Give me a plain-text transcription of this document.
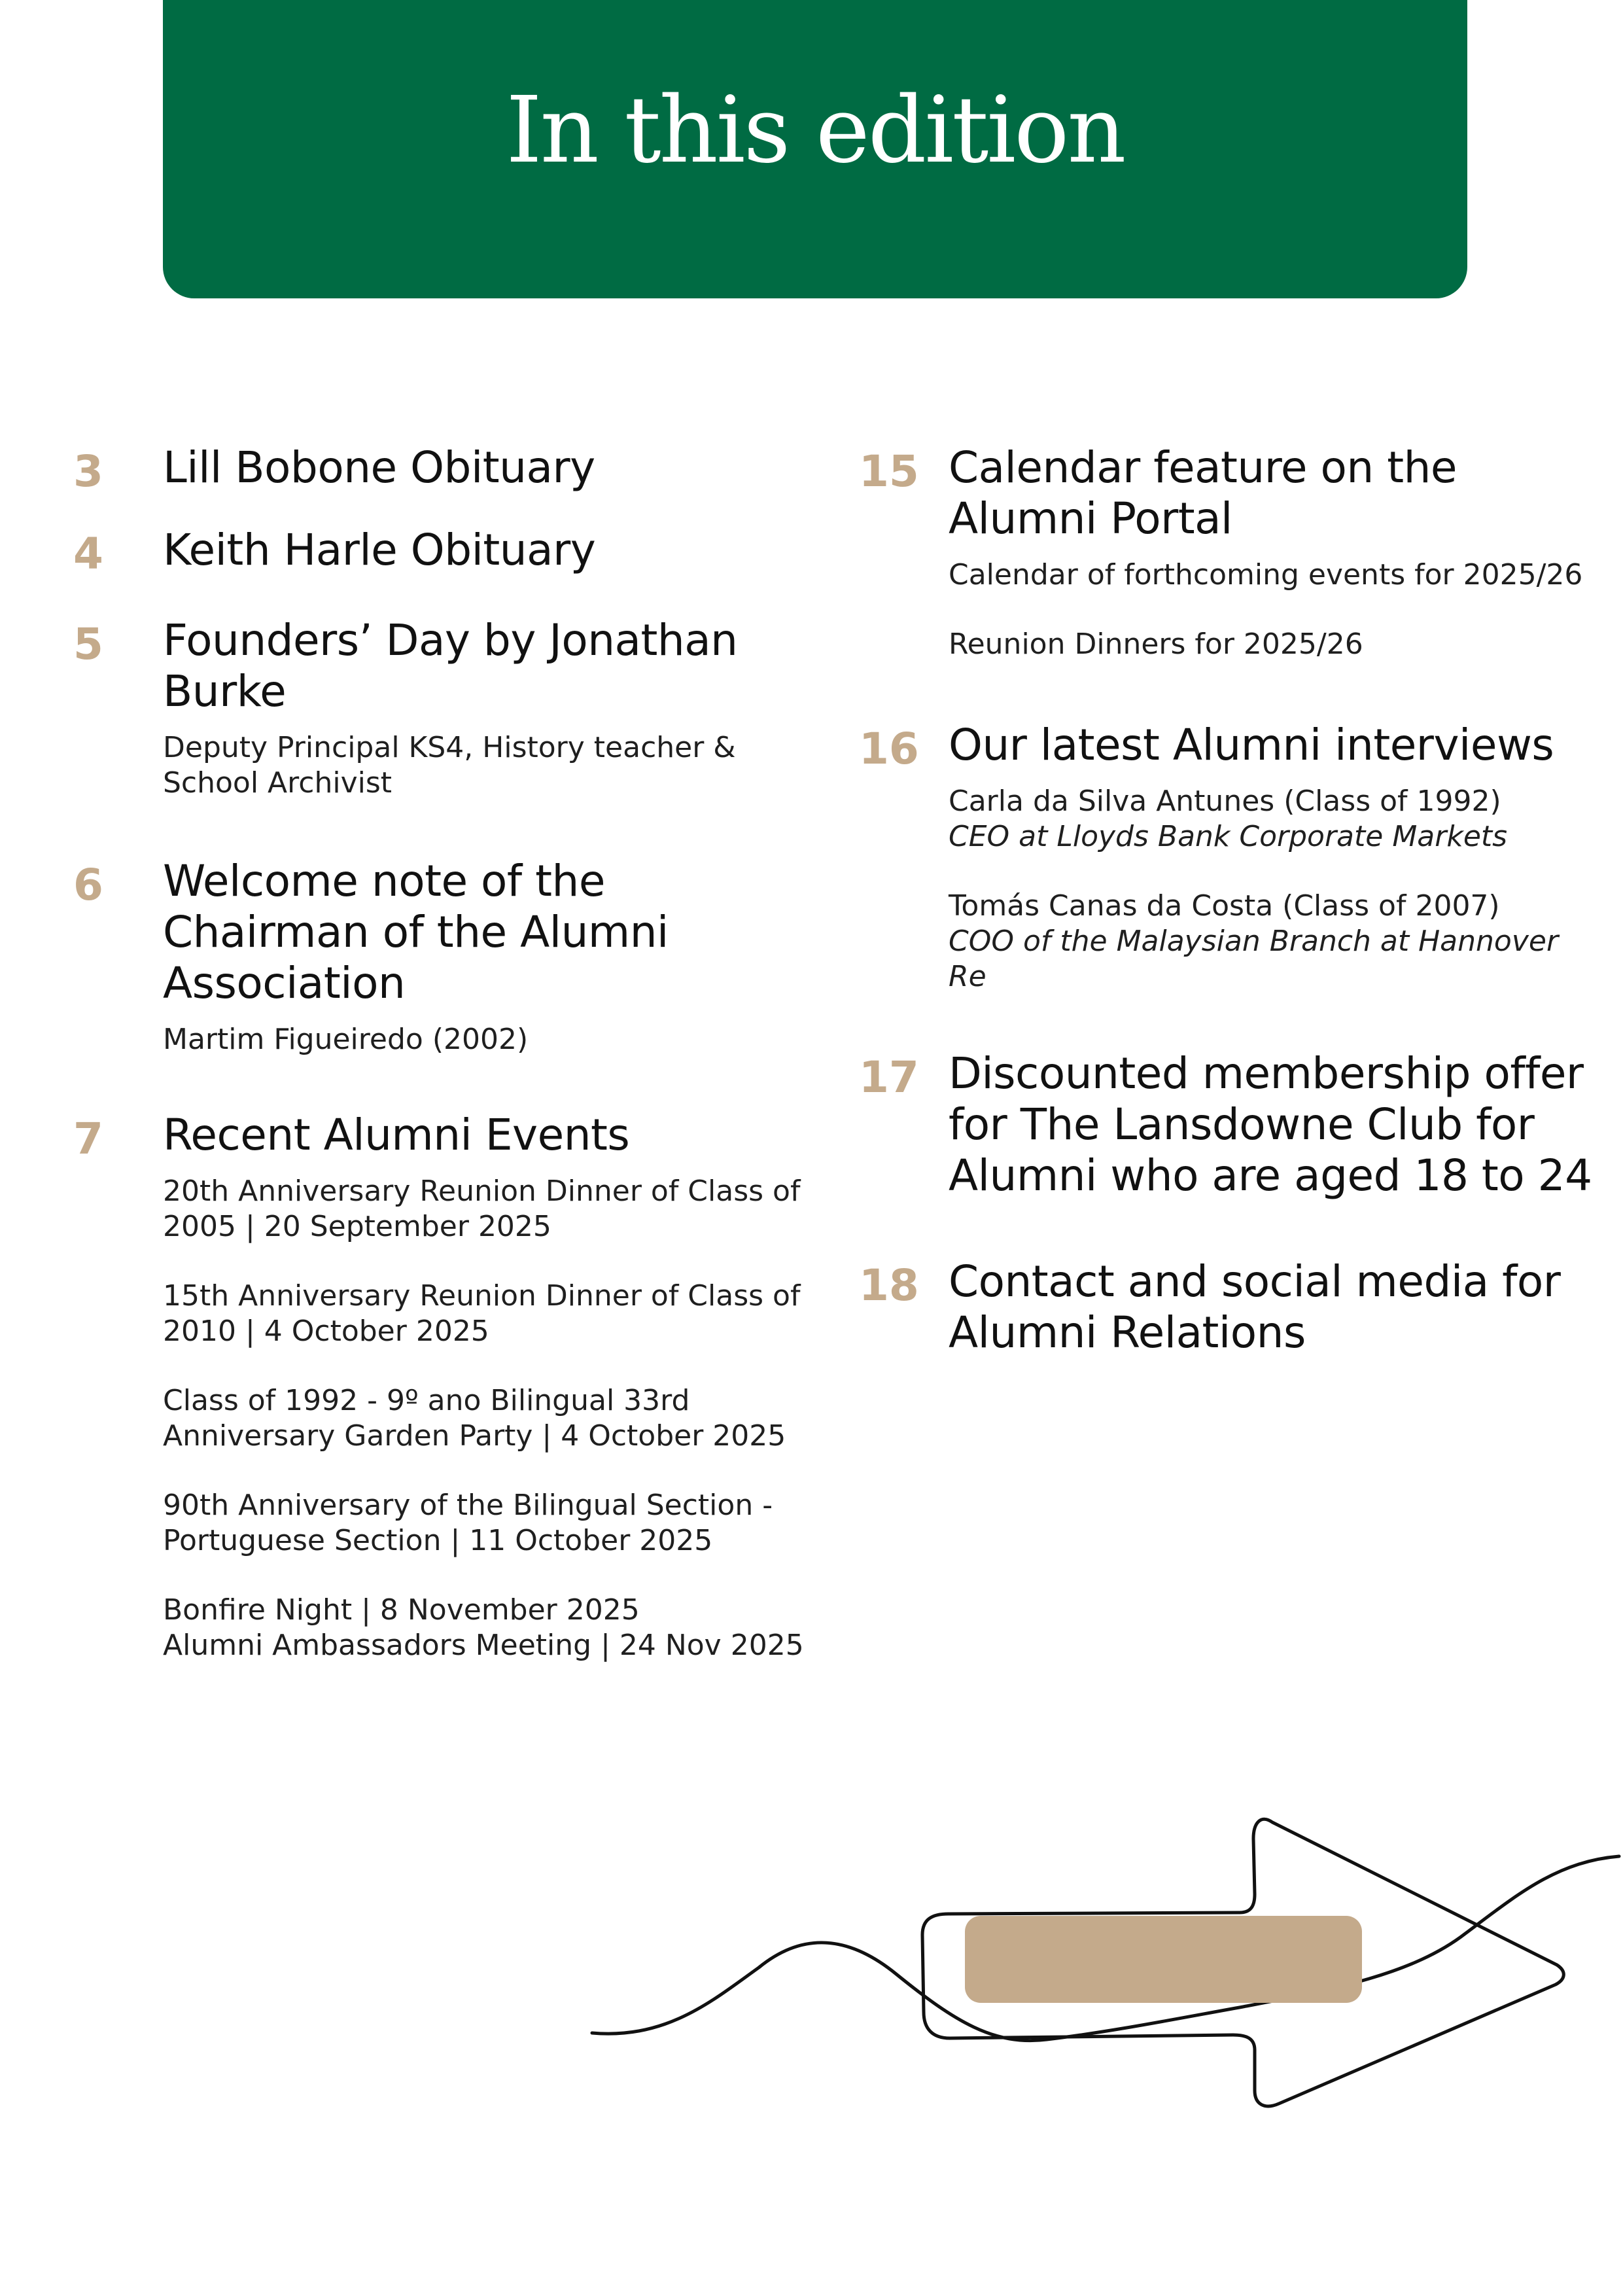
In this edition
3 Lill Bobone Obituary
4 Keith Harle Obituary
5 Founders’ Day by Jonathan Burke
Deputy Principal KS4, History teacher & School Archivist
6 Welcome note of the Chairman of the Alumni Association
Martim Figueiredo (2002)
7 Recent Alumni Events
20th Anniversary Reunion Dinner of Class of 2005 | 20 September 2025
15th Anniversary Reunion Dinner of Class of 2010 | 4 October 2025
Class of 1992 - 9º ano Bilingual 33rd Anniversary Garden Party | 4 October 2025
90th Anniversary of the Bilingual Section - Portuguese Section | 11 October 2025
Bonfire Night | 8 November 2025
Alumni Ambassadors Meeting | 24 Nov 2025
15 Calendar feature on the Alumni Portal
Calendar of forthcoming events for 2025/26
Reunion Dinners for 2025/26
16 Our latest Alumni interviews
Carla da Silva Antunes (Class of 1992)
CEO at Lloyds Bank Corporate Markets
Tomás Canas da Costa (Class of 2007)
COO of the Malaysian Branch at Hannover Re
17 Discounted membership offer for The Lansdowne Club for Alumni who are aged 18 to 24
18 Contact and social media for Alumni Relations
